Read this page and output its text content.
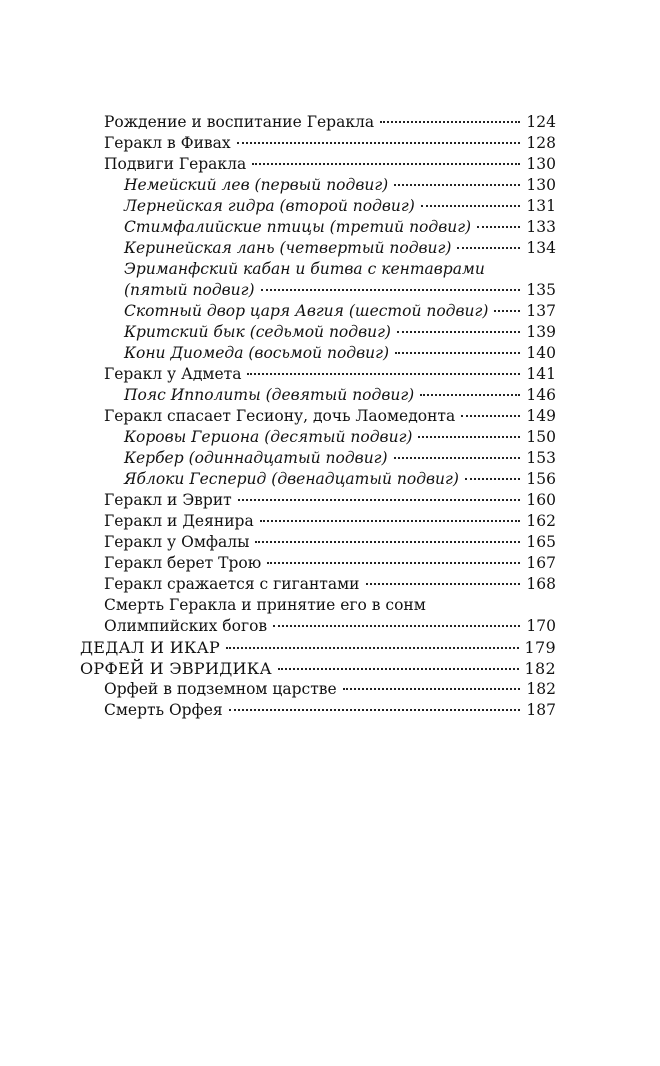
Рождение и воспитание Геракла	124
Геракл в Фивах	128
Подвиги Геракла	130
Немейский лев (первый подвиг)	130
Лернейская гидра (второй подвиг)	131
Стимфалийские птицы (третий подвиг)	133
Керинейская лань (четвертый подвиг)	134
Эриманфский кабан и битва с кентаврами
(пятый подвиг)	135
Скотный двор царя Авгия (шестой подвиг) 137
Критский бык (седьмой подвиг)	139
Кони Диомеда (восьмой подвиг)	140
Геракл у Адмета	141
Пояс Ипполиты (девятый подвиг)	146
Геракл спасает Гесиону, дочь Лаомедонта	149
Коровы Гериона (десятый подвиг)	150
Кербер (одиннадцатый подвиг)	153
Яблоки Гесперид (двенадцатый подвиг)	156
Геракл и Эврит	160
Геракл и Деянира	162
Геракл у Омфалы	165
Геракл берет Трою	167
Геракл сражается с гигантами	168
Смерть Геракла и принятие его в сонм
Олимпийских богов	170
ДЕДАЛ И ИКАР	179
ОРФЕЙ И ЭВРИДИКА	182
Орфей в подземном царстве	182
Смерть Орфея	187
